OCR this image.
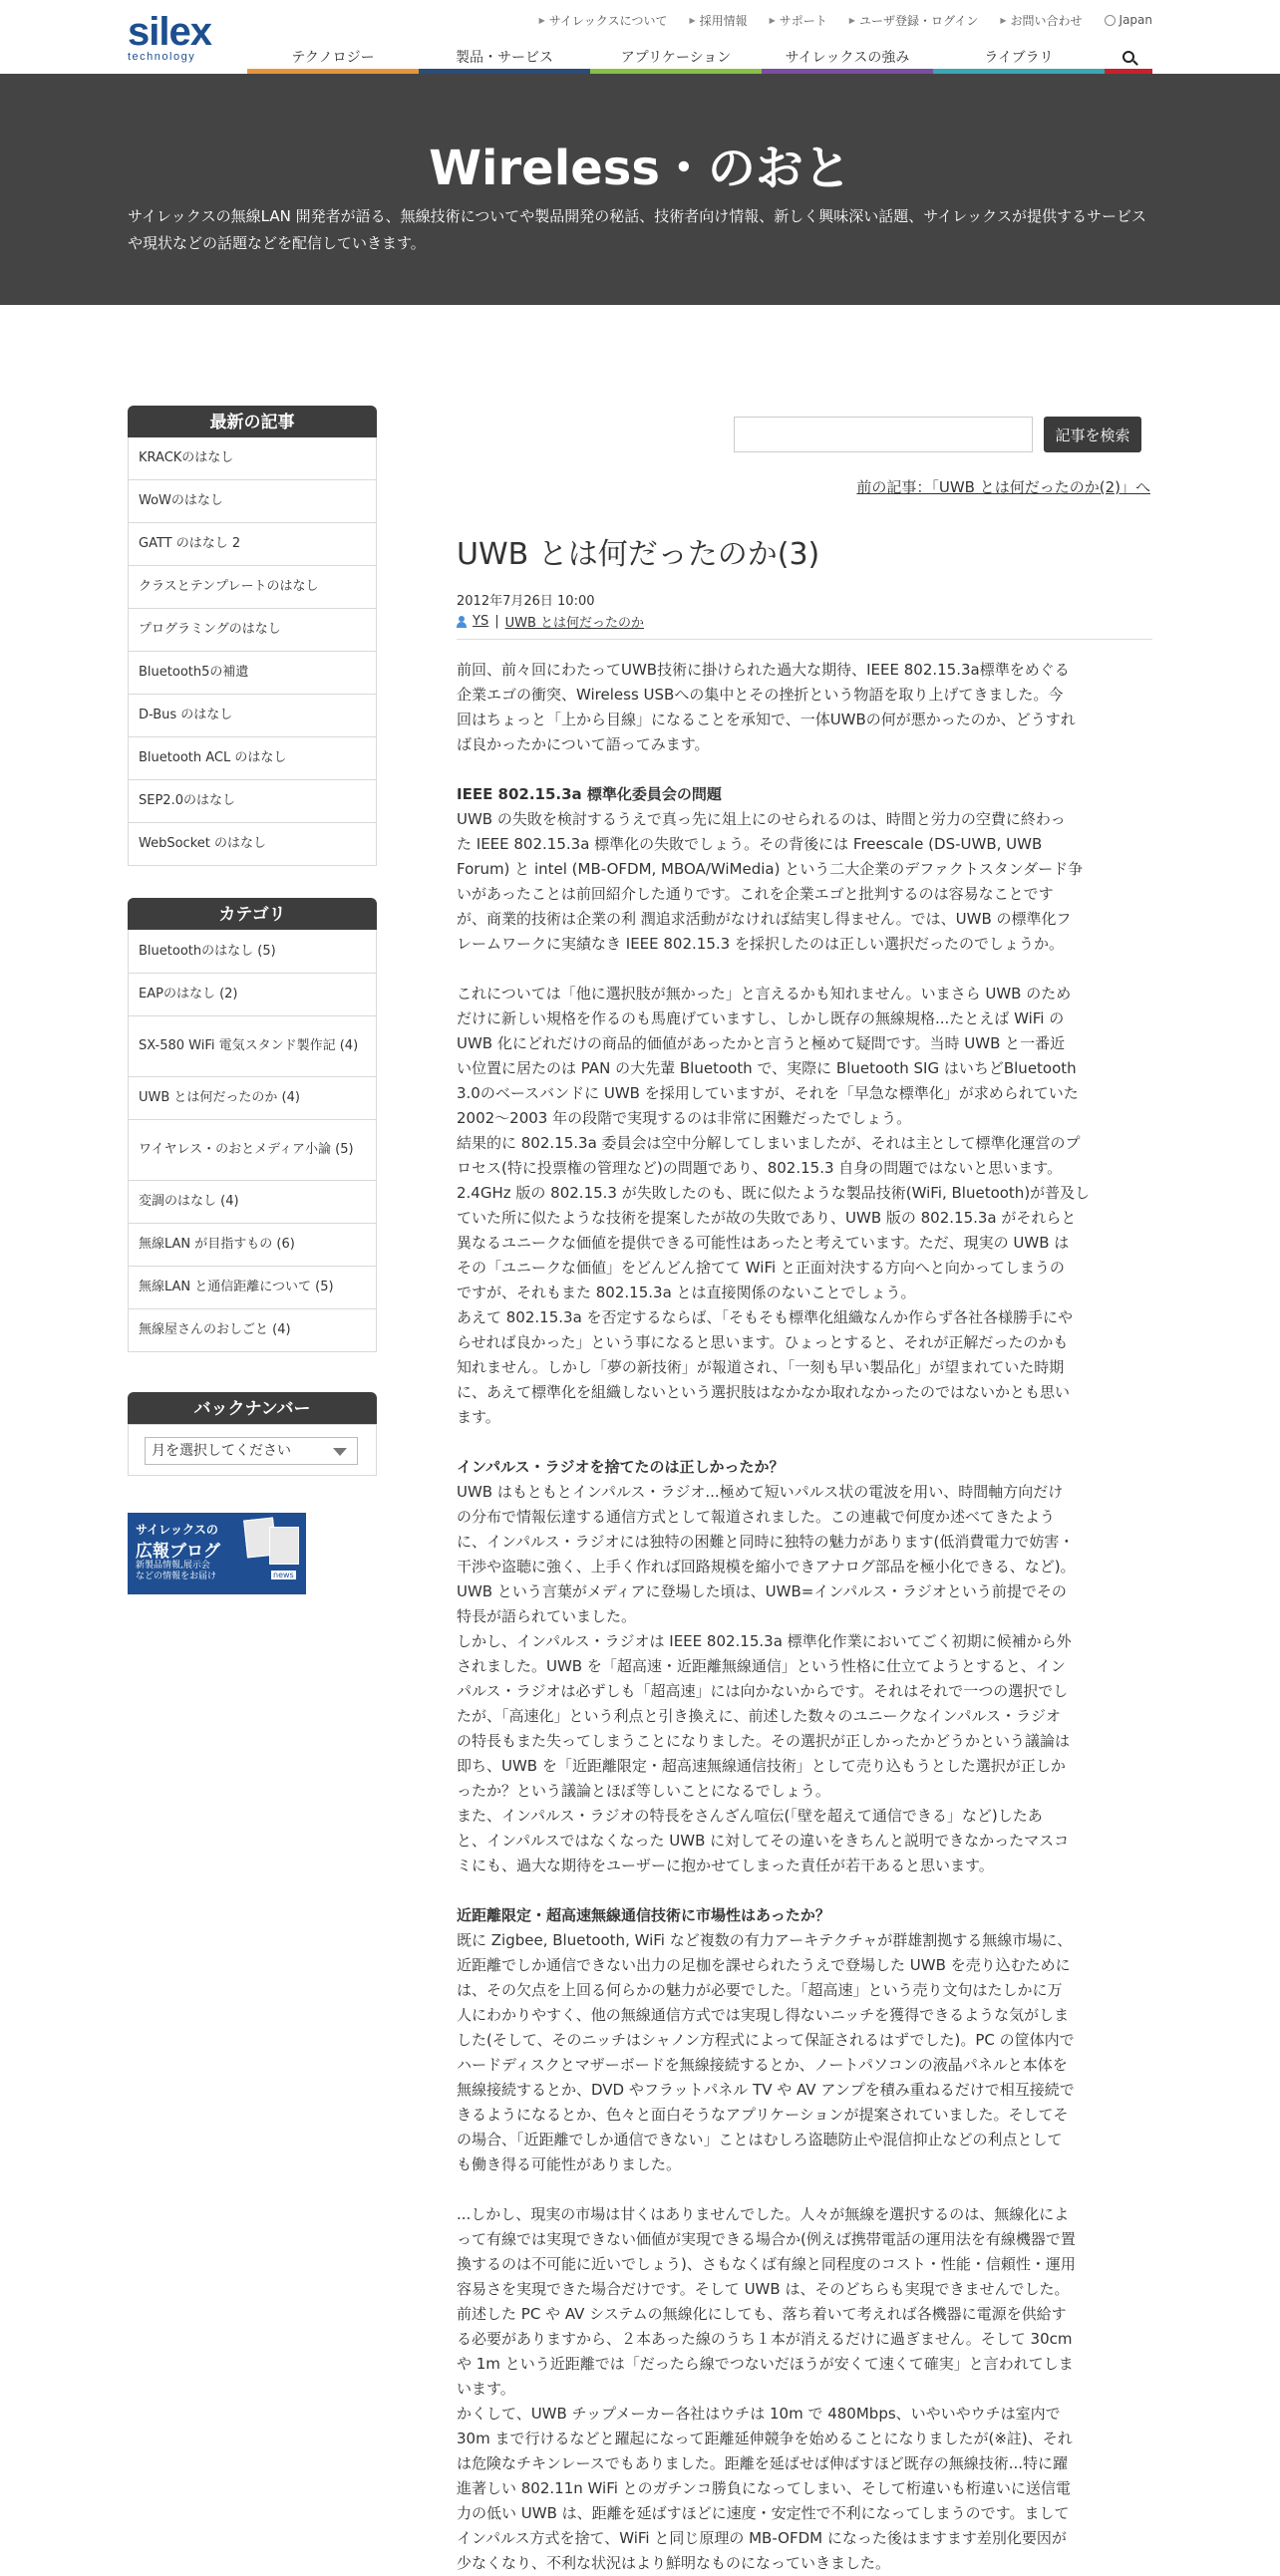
silex
technology
▶ サイレックスについて	▶ 採用情報	▶ サポート	▶ ユーザ登録・ログイン	▶ お問い合わせ	Japan
テクノロジー	製品・サービス	アプリケーション	サイレックスの強み	ライブラリ
Wireless・のおと

サイレックスの無線LAN 開発者が語る、無線技術についてや製品開発の秘話、技術者向け情報、新しく興味深い話題、サイレックスが提供するサービスや現状などの話題などを配信していきます。

最新の記事
KRACKのはなし
WoWのはなし
GATT のはなし 2
クラスとテンプレートのはなし
プログラミングのはなし
Bluetooth5の補遺
D-Bus のはなし
Bluetooth ACL のはなし
SEP2.0のはなし
WebSocket のはなし
カテゴリ
Bluetoothのはなし (5)
EAPのはなし (2)
SX-580 WiFi 電気スタンド製作記 (4)
UWB とは何だったのか (4)
ワイヤレス・のおとメディア小論 (5)
変調のはなし (4)
無線LAN が目指すもの (6)
無線LAN と通信距離について (5)
無線屋さんのおしごと (4)
バックナンバー
月を選択してください
サイレックスの
広報ブログ
新製品情報,展示会
などの情報をお届け	news
記事を検索
前の記事：「UWB とは何だったのか(2)」へ
UWB とは何だったのか(3)
2012年7月26日 10:00
YS | UWB とは何だったのか

前回、前々回にわたってUWB技術に掛けられた過大な期待、IEEE 802.15.3a標準をめぐる
企業エゴの衝突、Wireless USBへの集中とその挫折という物語を取り上げてきました。今
回はちょっと「上から目線」になることを承知で、一体UWBの何が悪かったのか、どうすれ
ば良かったかについて語ってみます。

IEEE 802.15.3a 標準化委員会の問題

UWB の失敗を検討するうえで真っ先に俎上にのせられるのは、時間と労力の空費に終わっ
た IEEE 802.15.3a 標準化の失敗でしょう。その背後には Freescale (DS-UWB, UWB
Forum) と intel (MB-OFDM, MBOA/WiMedia) という二大企業のデファクトスタンダード争
いがあったことは前回紹介した通りです。これを企業エゴと批判するのは容易なことです
が、商業的技術は企業の利 潤追求活動がなければ結実し得ません。では、UWB の標準化フ
レームワークに実績なき IEEE 802.15.3 を採択したのは正しい選択だったのでしょうか。

これについては「他に選択肢が無かった」と言えるかも知れません。いまさら UWB のため
だけに新しい規格を作るのも馬鹿げていますし、しかし既存の無線規格...たとえば WiFi の
UWB 化にどれだけの商品的価値があったかと言うと極めて疑問です。当時 UWB と一番近
い位置に居たのは PAN の大先輩 Bluetooth で、実際に Bluetooth SIG はいちどBluetooth
3.0のベースバンドに UWB を採用していますが、それを「早急な標準化」が求められていた
2002～2003 年の段階で実現するのは非常に困難だったでしょう。
結果的に 802.15.3a 委員会は空中分解してしまいましたが、それは主として標準化運営のプ
ロセス(特に投票権の管理など)の問題であり、802.15.3 自身の問題ではないと思います。
2.4GHz 版の 802.15.3 が失敗したのも、既に似たような製品技術(WiFi, Bluetooth)が普及し
ていた所に似たような技術を提案したが故の失敗であり、UWB 版の 802.15.3a がそれらと
異なるユニークな価値を提供できる可能性はあったと考えています。ただ、現実の UWB は
その「ユニークな価値」をどんどん捨てて WiFi と正面対決する方向へと向かってしまうの
ですが、それもまた 802.15.3a とは直接関係のないことでしょう。
あえて 802.15.3a を否定するならば、「そもそも標準化組織なんか作らず各社各様勝手にや
らせれば良かった」という事になると思います。ひょっとすると、それが正解だったのかも
知れません。しかし「夢の新技術」が報道され、「一刻も早い製品化」が望まれていた時期
に、あえて標準化を組織しないという選択肢はなかなか取れなかったのではないかとも思い
ます。

インパルス・ラジオを捨てたのは正しかったか？

UWB はもともとインパルス・ラジオ...極めて短いパルス状の電波を用い、時間軸方向だけ
の分布で情報伝達する通信方式として報道されました。この連載で何度か述べてきたよう
に、インパルス・ラジオには独特の困難と同時に独特の魅力があります(低消費電力で妨害・
干渉や盗聴に強く、上手く作れば回路規模を縮小できアナログ部品を極小化できる、など)。
UWB という言葉がメディアに登場した頃は、UWB=インパルス・ラジオという前提でその
特長が語られていました。
しかし、インパルス・ラジオは IEEE 802.15.3a 標準化作業においてごく初期に候補から外
されました。UWB を「超高速・近距離無線通信」という性格に仕立てようとすると、イン
パルス・ラジオは必ずしも「超高速」には向かないからです。それはそれで一つの選択でし
たが、「高速化」という利点と引き換えに、前述した数々のユニークなインパルス・ラジオ
の特長もまた失ってしまうことになりました。その選択が正しかったかどうかという議論は
即ち、UWB を「近距離限定・超高速無線通信技術」として売り込もうとした選択が正しか
ったか？という議論とほぼ等しいことになるでしょう。
また、インパルス・ラジオの特長をさんざん喧伝(「壁を超えて通信できる」など)したあ
と、インパルスではなくなった UWB に対してその違いをきちんと説明できなかったマスコ
ミにも、過大な期待をユーザーに抱かせてしまった責任が若干あると思います。

近距離限定・超高速無線通信技術に市場性はあったか？

既に Zigbee, Bluetooth, WiFi など複数の有力アーキテクチャが群雄割拠する無線市場に、
近距離でしか通信できない出力の足枷を課せられたうえで登場した UWB を売り込むために
は、その欠点を上回る何らかの魅力が必要でした。「超高速」という売り文句はたしかに万
人にわかりやすく、他の無線通信方式では実現し得ないニッチを獲得できるような気がしま
した(そして、そのニッチはシャノン方程式によって保証されるはずでした)。PC の筐体内で
ハードディスクとマザーボードを無線接続するとか、ノートパソコンの液晶パネルと本体を
無線接続するとか、DVD やフラットパネル TV や AV アンプを積み重ねるだけで相互接続で
きるようになるとか、色々と面白そうなアプリケーションが提案されていました。そしてそ
の場合、「近距離でしか通信できない」ことはむしろ盗聴防止や混信抑止などの利点として
も働き得る可能性がありました。

...しかし、現実の市場は甘くはありませんでした。人々が無線を選択するのは、無線化によ
って有線では実現できない価値が実現できる場合か(例えば携帯電話の運用法を有線機器で置
換するのは不可能に近いでしょう)、さもなくば有線と同程度のコスト・性能・信頼性・運用
容易さを実現できた場合だけです。そして UWB は、そのどちらも実現できませんでした。
前述した PC や AV システムの無線化にしても、落ち着いて考えれば各機器に電源を供給す
る必要がありますから、２本あった線のうち１本が消えるだけに過ぎません。そして 30cm
や 1m という近距離では「だったら線でつないだほうが安くて速くて確実」と言われてしま
います。
かくして、UWB チップメーカー各社はウチは 10m で 480Mbps、いやいやウチは室内で
30m まで行けるなどと躍起になって距離延伸競争を始めることになりましたが(※註)、それ
は危険なチキンレースでもありました。距離を延ばせば伸ばすほど既存の無線技術...特に躍
進著しい 802.11n WiFi とのガチンコ勝負になってしまい、そして桁違いも桁違いに送信電
力の低い UWB は、距離を延ばすほどに速度・安定性で不利になってしまうのです。まして
インパルス方式を捨て、WiFi と同じ原理の MB-OFDM になった後はますます差別化要因が
少なくなり、不利な状況はより鮮明なものになっていきました。
